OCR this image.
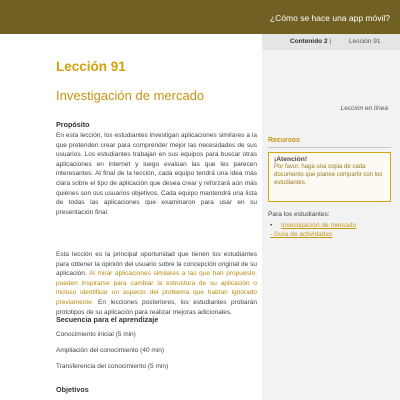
¿Cómo se hace una app móvil?
Contenido 2 |	Lección 91
Lección 91
Investigación de mercado
Lección en línea
Propósito

En esta lección, los estudiantes investigan aplicaciones similares a la que pretenden crear para comprender mejor las necesidades de sus usuarios. Los estudiantes trabajan en sus equipos para buscar otras aplicaciones en internet y luego evalúan las que les parecen interesantes. Al final de la lección, cada equipo tendrá una idea más clara sobre el tipo de aplicación que desea crear y reforzará aún más quiénes son sus usuarios objetivos. Cada equipo mantendrá una lista de todas las aplicaciones que examinaron para usar en su presentación final.

Esta lección es la principal oportunidad que tienen los estudiantes para obtener la opinión del usuario sobre la concepción original de su aplicación. Al mirar aplicaciones similares a las que han propuesto, pueden inspirarse para cambiar la estructura de su aplicación o incluso identificar un aspecto del problema que habían ignorado previamente. En lecciones posteriores, los estudiantes probarán prototipos de su aplicación para realizar mejoras adicionales.

Secuencia para el aprendizaje
Conocimiento inicial (5 min)
Ampliación del conocimiento (40 min)
Transferencia del conocimiento (5 min)
Objetivos
Recursos
¡Atención!
Por favor, haga una copia de cada documento que planee compartir con los estudiantes.
Para los estudiantes:
• Investigación de mercado
- Guía de actividades
